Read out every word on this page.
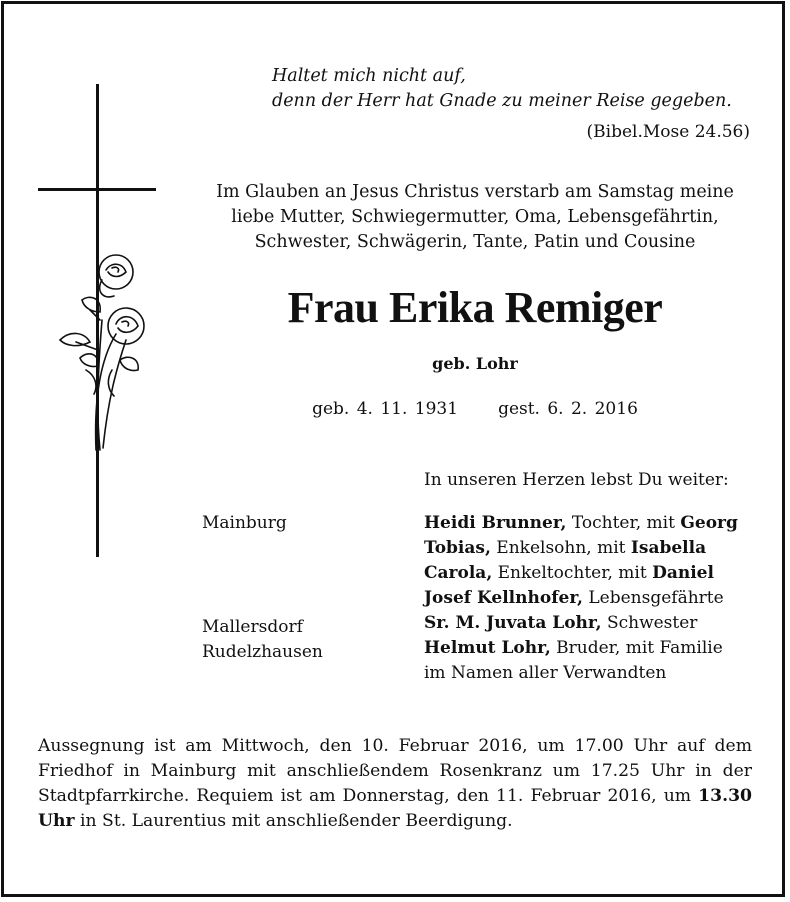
Haltet mich nicht auf,
denn der Herr hat Gnade zu meiner Reise gegeben.
(Bibel.Mose 24.56)
Im Glauben an Jesus Christus verstarb am Samstag meine
liebe Mutter, Schwiegermutter, Oma, Lebensgefährtin,
Schwester, Schwägerin, Tante, Patin und Cousine
Frau Erika Remiger
geb. Lohr
geb. 4. 11. 1931 gest. 6. 2. 2016
In unseren Herzen lebst Du weiter:
Mainburg
Mallersdorf
Rudelzhausen
Heidi Brunner, Tochter, mit Georg
Tobias, Enkelsohn, mit Isabella
Carola, Enkeltochter, mit Daniel
Josef Kellnhofer, Lebensgefährte
Sr. M. Juvata Lohr, Schwester
Helmut Lohr, Bruder, mit Familie
im Namen aller Verwandten
Aussegnung ist am Mittwoch, den 10. Februar 2016, um 17.00 Uhr auf dem Friedhof in Mainburg mit anschließendem Rosenkranz um 17.25 Uhr in der Stadtpfarrkirche. Requiem ist am Donnerstag, den 11. Februar 2016, um 13.30 Uhr in St. Laurentius mit anschließender Beerdigung.
